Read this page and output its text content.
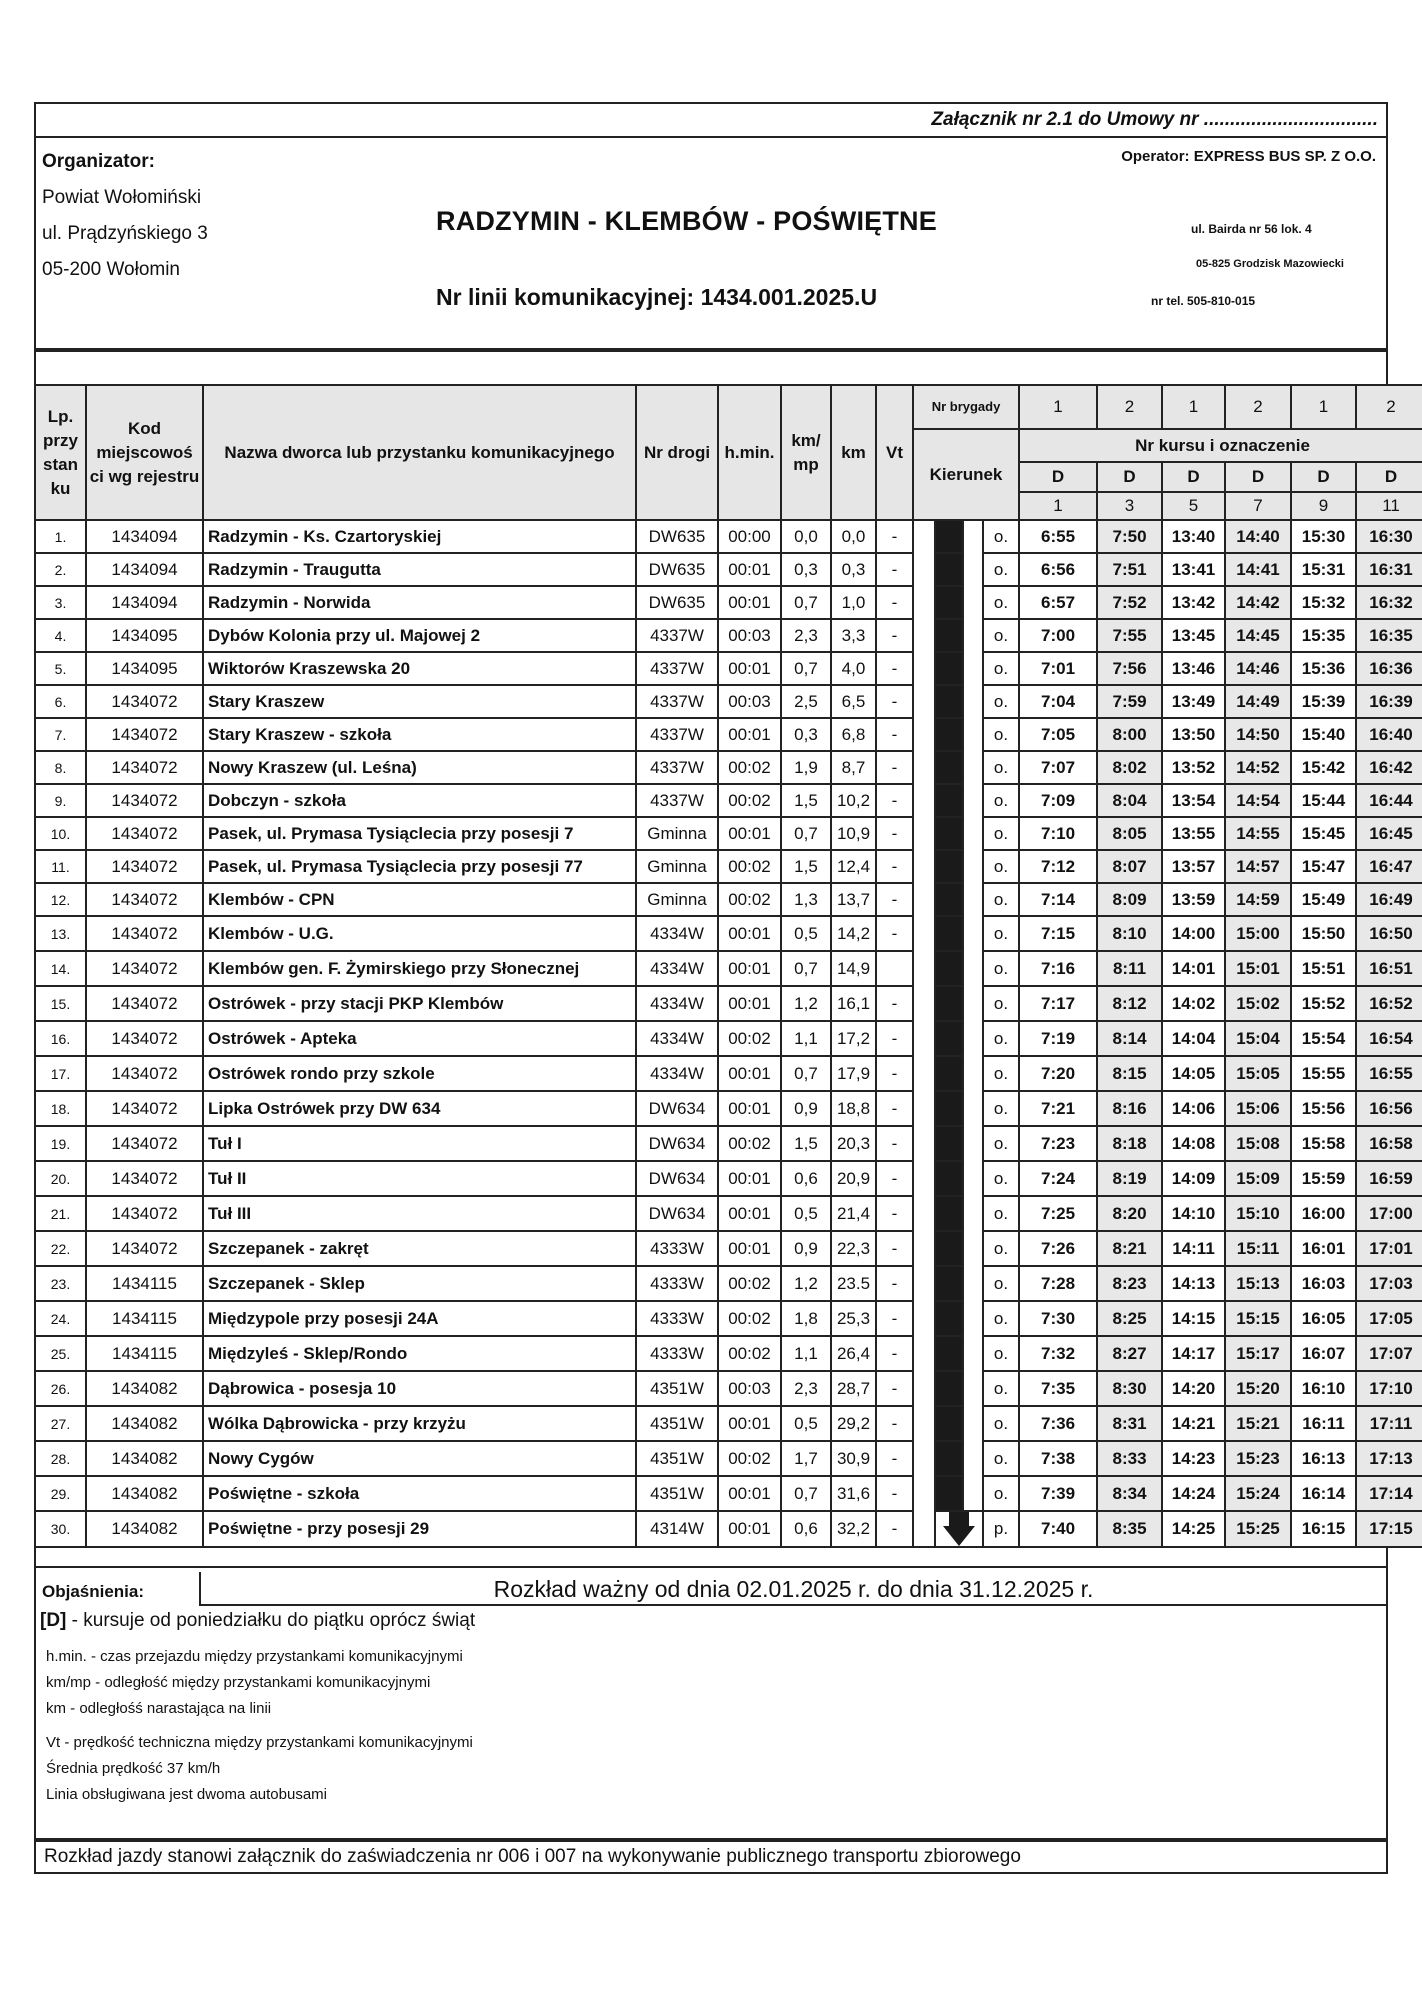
Załącznik nr 2.1 do Umowy nr .................................
Organizator:
Powiat Wołomiński
ul. Prądzyńskiego 3
05-200 Wołomin
RADZYMIN - KLEMBÓW - POŚWIĘTNE
Nr linii komunikacyjnej: 1434.001.2025.U
Operator: EXPRESS BUS SP. Z O.O.
ul. Bairda nr 56 lok. 4
05-825 Grodzisk Mazowiecki
nr tel. 505-810-015
Lp. przy stan ku	Kod miejscowoś ci wg rejestru	Nazwa dworca lub przystanku komunikacyjnego	Nr drogi	h.min.	km/ mp	km	Vt	Nr brygady				1	2	1	2	1	2
								Kierunek				Nr kursu i oznaczenie					
												D	D	D	D	D	D
												1	3	5	7	9	11
1.	1434094	Radzymin - Ks. Czartoryskiej	DW635	00:00	0,0	0,0	-				o.	6:55	7:50	13:40	14:40	15:30	16:30
2.	1434094	Radzymin - Traugutta	DW635	00:01	0,3	0,3	-				o.	6:56	7:51	13:41	14:41	15:31	16:31
3.	1434094	Radzymin - Norwida	DW635	00:01	0,7	1,0	-				o.	6:57	7:52	13:42	14:42	15:32	16:32
4.	1434095	Dybów Kolonia przy ul. Majowej 2	4337W	00:03	2,3	3,3	-				o.	7:00	7:55	13:45	14:45	15:35	16:35
5.	1434095	Wiktorów Kraszewska 20	4337W	00:01	0,7	4,0	-				o.	7:01	7:56	13:46	14:46	15:36	16:36
6.	1434072	Stary Kraszew	4337W	00:03	2,5	6,5	-				o.	7:04	7:59	13:49	14:49	15:39	16:39
7.	1434072	Stary Kraszew - szkoła	4337W	00:01	0,3	6,8	-				o.	7:05	8:00	13:50	14:50	15:40	16:40
8.	1434072	Nowy Kraszew (ul. Leśna)	4337W	00:02	1,9	8,7	-				o.	7:07	8:02	13:52	14:52	15:42	16:42
9.	1434072	Dobczyn - szkoła	4337W	00:02	1,5	10,2	-				o.	7:09	8:04	13:54	14:54	15:44	16:44
10.	1434072	Pasek, ul. Prymasa Tysiąclecia przy posesji 7	Gminna	00:01	0,7	10,9	-				o.	7:10	8:05	13:55	14:55	15:45	16:45
11.	1434072	Pasek, ul. Prymasa Tysiąclecia przy posesji 77	Gminna	00:02	1,5	12,4	-				o.	7:12	8:07	13:57	14:57	15:47	16:47
12.	1434072	Klembów - CPN	Gminna	00:02	1,3	13,7	-				o.	7:14	8:09	13:59	14:59	15:49	16:49
13.	1434072	Klembów - U.G.	4334W	00:01	0,5	14,2	-				o.	7:15	8:10	14:00	15:00	15:50	16:50
14.	1434072	Klembów gen. F. Żymirskiego przy Słonecznej	4334W	00:01	0,7	14,9					o.	7:16	8:11	14:01	15:01	15:51	16:51
15.	1434072	Ostrówek - przy stacji PKP Klembów	4334W	00:01	1,2	16,1	-				o.	7:17	8:12	14:02	15:02	15:52	16:52
16.	1434072	Ostrówek - Apteka	4334W	00:02	1,1	17,2	-				o.	7:19	8:14	14:04	15:04	15:54	16:54
17.	1434072	Ostrówek rondo przy szkole	4334W	00:01	0,7	17,9	-				o.	7:20	8:15	14:05	15:05	15:55	16:55
18.	1434072	Lipka Ostrówek przy DW 634	DW634	00:01	0,9	18,8	-				o.	7:21	8:16	14:06	15:06	15:56	16:56
19.	1434072	Tuł I	DW634	00:02	1,5	20,3	-				o.	7:23	8:18	14:08	15:08	15:58	16:58
20.	1434072	Tuł II	DW634	00:01	0,6	20,9	-				o.	7:24	8:19	14:09	15:09	15:59	16:59
21.	1434072	Tuł III	DW634	00:01	0,5	21,4	-				o.	7:25	8:20	14:10	15:10	16:00	17:00
22.	1434072	Szczepanek - zakręt	4333W	00:01	0,9	22,3	-				o.	7:26	8:21	14:11	15:11	16:01	17:01
23.	1434115	Szczepanek - Sklep	4333W	00:02	1,2	23.5	-				o.	7:28	8:23	14:13	15:13	16:03	17:03
24.	1434115	Międzypole przy posesji 24A	4333W	00:02	1,8	25,3	-				o.	7:30	8:25	14:15	15:15	16:05	17:05
25.	1434115	Międzyleś - Sklep/Rondo	4333W	00:02	1,1	26,4	-				o.	7:32	8:27	14:17	15:17	16:07	17:07
26.	1434082	Dąbrowica - posesja 10	4351W	00:03	2,3	28,7	-				o.	7:35	8:30	14:20	15:20	16:10	17:10
27.	1434082	Wólka Dąbrowicka - przy krzyżu	4351W	00:01	0,5	29,2	-				o.	7:36	8:31	14:21	15:21	16:11	17:11
28.	1434082	Nowy Cygów	4351W	00:02	1,7	30,9	-				o.	7:38	8:33	14:23	15:23	16:13	17:13
29.	1434082	Poświętne - szkoła	4351W	00:01	0,7	31,6	-				o.	7:39	8:34	14:24	15:24	16:14	17:14
30.	1434082	Poświętne - przy posesji 29	4314W	00:01	0,6	32,2	-				p.	7:40	8:35	14:25	15:25	16:15	17:15
Objaśnienia:	Rozkład ważny od dnia 02.01.2025 r. do dnia 31.12.2025 r.
[D] - kursuje od poniedziałku do piątku oprócz świąt
h.min. - czas przejazdu między przystankami komunikacyjnymi
km/mp - odległość między przystankami komunikacyjnymi
km - odległośś narastająca na linii
Vt - prędkość techniczna między przystankami komunikacyjnymi
Średnia prędkość 37 km/h
Linia obsługiwana jest dwoma autobusami
Rozkład jazdy stanowi załącznik do zaświadczenia nr 006 i 007 na wykonywanie publicznego transportu zbiorowego
